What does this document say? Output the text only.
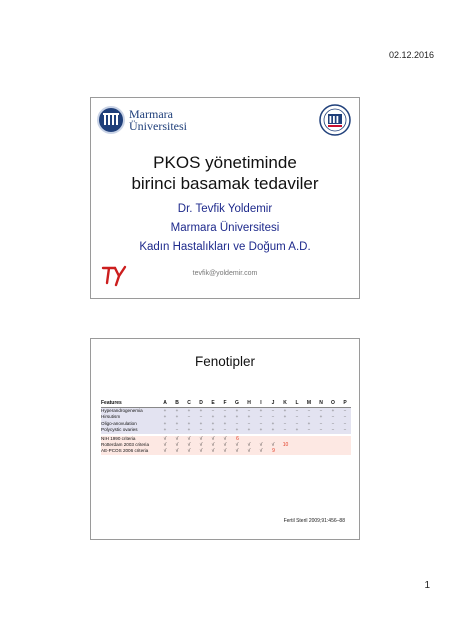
02.12.2016
Marmara
Üniversitesi
PKOS yönetiminde
birinci basamak tedaviler
Dr. Tevfik Yoldemir
Marmara Üniversitesi
Kadın Hastalıkları ve Doğum A.D.
tevfik@yoldemir.com
Fenotipler
Features	A	B	C	D	E	F	G	H	I	J	K	L	M	N	O	P
Hyperandrogenemia	+	+	+	+	−	−	+	−	+	−	+	−	−	−	+	−
Hirsutism	+	+	−	−	+	+	+	+	−	−	+	−	−	+	−	−
Oligo-anovulation	+	+	+	+	+	+	−	−	−	+	−	−	+	−	−	−
Polycystic ovaries	+	−	+	−	+	−	+	+	+	+	−	+	−	−	−	−

NIH 1990 criteria	√	√	√	√	√	√	6									
Rotterdam 2003 criteria	√	√	√	√	√	√	√	√	√	√	10					
AE-PCOS 2006 criteria	√	√	√	√	√	√	√	√	√	9						
Fertil Steril 2009;91:456–88
1
